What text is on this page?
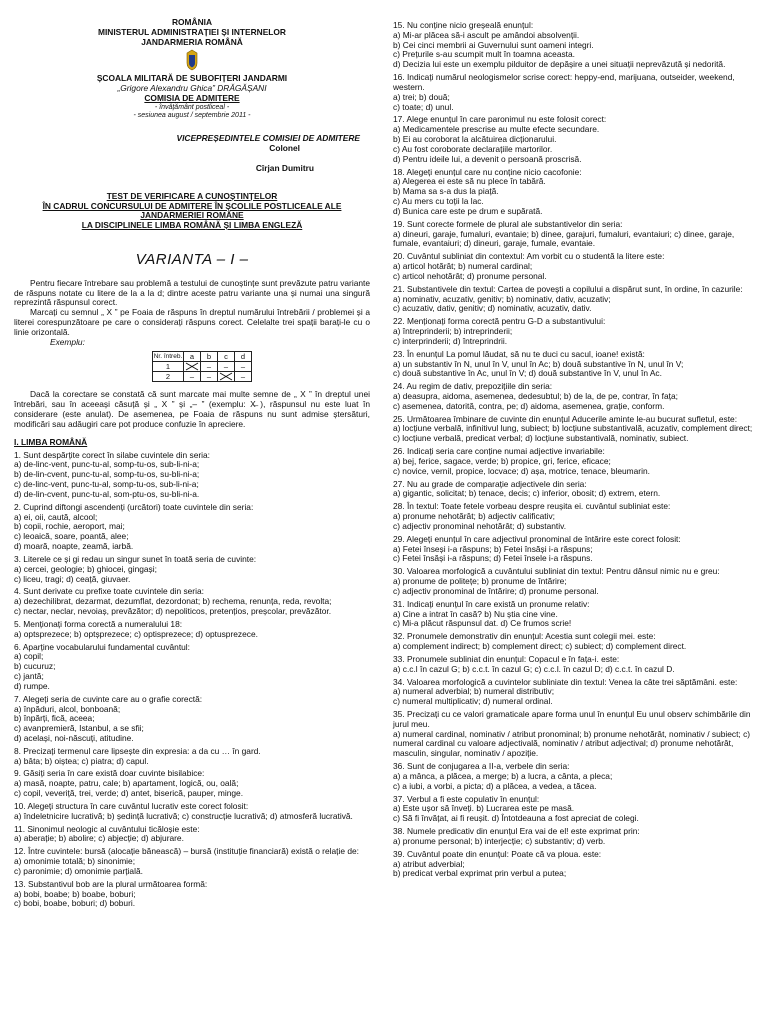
ROMÂNIA
MINISTERUL ADMINISTRAȚIEI ȘI INTERNELOR
JANDARMERIA ROMÂNĂ
ȘCOALA MILITARĂ DE SUBOFIȚERI JANDARMI
„Grigore Alexandru Ghica” DRĂGĂȘANI
COMISIA DE ADMITERE
- învățământ postliceal -
- sesiunea august / septembrie 2011 -
VICEPREȘEDINTELE COMISIEI DE ADMITERE
Colonel
Cîrjan Dumitru
TEST DE VERIFICARE A CUNOȘTINȚELOR
ÎN CADRUL CONCURSULUI DE ADMITERE ÎN ȘCOLILE POSTLICEALE ALE JANDARMERIEI ROMÂNE
LA DISCIPLINELE LIMBA ROMÂNĂ ȘI LIMBA ENGLEZĂ
VARIANTA – I –

Pentru fiecare întrebare sau problemă a testului de cunoștințe sunt prevăzute patru variante de răspuns notate cu litere de la a la d; dintre aceste patru variante una și numai una singură reprezintă răspunsul corect.

Marcați cu semnul „ X ” pe Foaia de răspuns în dreptul numărului întrebării / problemei și a literei corespunzătoare pe care o considerați răspuns corect. Celelalte trei spații barați-le cu o linie orizontală.

Exemplu:
Nr. întreb.	a	b	c	d
1		–	–	–
2	–	–		–

Dacă la corectare se constată că sunt marcate mai multe semne de „ X ” în dreptul unei întrebări, sau în aceeași căsuță și „ X ” și „– ” (exemplu: X̶ ), răspunsul nu este luat în considerare (este anulat). De asemenea, pe Foaia de răspuns nu sunt admise ștersături, modificări sau adăugiri care pot produce confuzie în apreciere.

I. LIMBA ROMÂNĂ
1. Sunt despărțite corect în silabe cuvintele din seria:
a) de-linc-vent, punc-tu-al, somp-tu-os, sub-li-ni-a;
b) de-lin-cvent, punc-tu-al, somp-tu-os, su-bli-ni-a;
c) de-linc-vent, punc-tu-al, somp-tu-os, sub-li-ni-a;
d) de-lin-cvent, punc-tu-al, som-ptu-os, su-bli-ni-a.
2. Cuprind diftongi ascendenți (urcători) toate cuvintele din seria:
a) ei, oii, caută, alcool;
b) copii, rochie, aeroport, mai;
c) leoaică, soare, poantă, alee;
d) moară, noapte, zeamă, iarbă.
3. Literele ce și gi redau un singur sunet în toată seria de cuvinte:
a) cercei, geologie; b) ghiocei, gingași;
c) liceu, tragi; d) ceață, giuvaer.
4. Sunt derivate cu prefixe toate cuvintele din seria:
a) dezechilibrat, dezarmat, dezumflat, dezordonat; b) rechema, renunța, reda, revolta;
c) nectar, neclar, nevoiaș, prevăzător; d) nepoliticos, pretențios, preșcolar, prevăzător.
5. Menționați forma corectă a numeralului 18:
a) optsprezece; b) optșprezece; c) optisprezece; d) optusprezece.
6. Aparține vocabularului fundamental cuvântul:
a) copil;
b) cucuruz;
c) jantă;
d) rumpe.
7. Alegeți seria de cuvinte care au o grafie corectă:
a) înpăduri, alcol, bonboană;
b) înpărți, fică, aceea;
c) avanpremieră, Istanbul, a se sfii;
d) același, noi-născuți, atitudine.
8. Precizați termenul care lipsește din expresia: a da cu … în gard.
a) bâta; b) oiștea; c) piatra; d) capul.
9. Găsiți seria în care există doar cuvinte bisilabice:
a) masă, noapte, patru, cale; b) apartament, logică, ou, oală;
c) copil, veveriță, trei, verde; d) antet, biserică, pauper, minge.
10. Alegeți structura în care cuvântul lucrativ este corect folosit:
a) îndeletnicire lucrativă; b) ședință lucrativă; c) construcție lucrativă; d) atmosferă lucrativă.
11. Sinonimul neologic al cuvântului ticăloșie este:
a) aberație; b) abolire; c) abjecție; d) abjurare.
12. Între cuvintele: bursă (alocație bănească) – bursă (instituție financiară) există o relație de:
a) omonimie totală; b) sinonimie;
c) paronimie; d) omonimie parțială.
13. Substantivul bob are la plural următoarea formă:
a) bobi, boabe; b) boabe, boburi;
c) bobi, boabe, boburi; d) boburi.
15. Nu conține nicio greșeală enunțul:
a) Mi-ar plăcea să-i ascult pe amândoi absolvenții.
b) Cei cinci membrii ai Guvernului sunt oameni integri.
c) Prețurile s-au scumpit mult în toamna aceasta.
d) Decizia lui este un exemplu pilduitor de depășire a unei situații neprevăzută și nedorită.
16. Indicați numărul neologismelor scrise corect: heppy-end, marijuana, outseider, weekend, western.
a) trei; b) două;
c) toate; d) unul.
17. Alege enunțul în care paronimul nu este folosit corect:
a) Medicamentele prescrise au multe efecte secundare.
b) Ei au coroborat la alcătuirea dicționarului.
c) Au fost coroborate declarațiile martorilor.
d) Pentru ideile lui, a devenit o persoană proscrisă.
18. Alegeți enunțul care nu conține nicio cacofonie:
a) Alegerea ei este să nu plece în tabără.
b) Mama sa s-a dus la piață.
c) Au mers cu toții la lac.
d) Bunica care este pe drum e supărată.
19. Sunt corecte formele de plural ale substantivelor din seria:
a) dineuri, garaje, fumaluri, evantaie; b) dinee, garajuri, fumaluri, evantaiuri; c) dinee, garaje, fumale, evantaiuri; d) dineuri, garaje, fumale, evantaie.
20. Cuvântul subliniat din contextul: Am vorbit cu o studentă la litere este:
a) articol hotărât; b) numeral cardinal;
c) articol nehotărât; d) pronume personal.
21. Substantivele din textul: Cartea de povești a copilului a dispărut sunt, în ordine, în cazurile:
a) nominativ, acuzativ, genitiv; b) nominativ, dativ, acuzativ;
c) acuzativ, dativ, genitiv; d) nominativ, acuzativ, dativ.
22. Menționați forma corectă pentru G-D a substantivului:
a) întreprinderii; b) intreprinderii;
c) interprinderii; d) întreprindrii.
23. În enunțul La pomul lăudat, să nu te duci cu sacul, ioane! există:
a) un substantiv în N, unul în V, unul în Ac; b) două substantive în N, unul în V;
c) două substantive în Ac, unul în V; d) două substantive în V, unul în Ac.
24. Au regim de dativ, prepozițiile din seria:
a) deasupra, aidoma, asemenea, dedesubtul; b) de la, de pe, contrar, în fața;
c) asemenea, datorită, contra, pe; d) aidoma, asemenea, grație, conform.
25. Următoarea îmbinare de cuvinte din enunțul Aducerile aminte le-au bucurat sufletul, este:
a) locțiune verbală, infinitivul lung, subiect; b) locțiune substantivală, acuzativ, complement direct; c) locțiune verbală, predicat verbal; d) locțiune substantivală, nominativ, subiect.
26. Indicați seria care conține numai adjective invariabile:
a) bej, ferice, sagace, verde; b) propice, gri, ferice, eficace;
c) novice, vernil, propice, locvace; d) așa, motrice, tenace, bleumarin.
27. Nu au grade de comparație adjectivele din seria:
a) gigantic, solicitat; b) tenace, decis; c) inferior, obosit; d) extrem, etern.
28. În textul: Toate fetele vorbeau despre reușita ei. cuvântul subliniat este:
a) pronume nehotărât; b) adjectiv calificativ;
c) adjectiv pronominal nehotărât; d) substantiv.
29. Alegeți enunțul în care adjectivul pronominal de întărire este corect folosit:
a) Fetei înseși i-a răspuns; b) Fetei însăși i-a răspuns;
c) Fetei însăși i-a răspuns; d) Fetei însele i-a răspuns.
30. Valoarea morfologică a cuvântului subliniat din textul: Pentru dânsul nimic nu e greu:
a) pronume de politețe; b) pronume de întărire;
c) adjectiv pronominal de întărire; d) pronume personal.
31. Indicați enunțul în care există un pronume relativ:
a) Cine a intrat în casă? b) Nu știa cine vine.
c) Mi-a plăcut răspunsul dat. d) Ce frumos scrie!
32. Pronumele demonstrativ din enunțul: Acestia sunt colegii mei. este:
a) complement indirect; b) complement direct; c) subiect; d) complement direct.
33. Pronumele subliniat din enunțul: Copacul e în fața-i. este:
a) c.c.l în cazul G; b) c.c.t. în cazul G; c) c.c.l. în cazul D; d) c.c.t. în cazul D.
34. Valoarea morfologică a cuvintelor subliniate din textul: Venea la câte trei săptămâni. este:
a) numeral adverbial; b) numeral distributiv;
c) numeral multiplicativ; d) numeral ordinal.
35. Precizați cu ce valori gramaticale apare forma unul în enunțul Eu unul observ schimbările din jurul meu.
a) numeral cardinal, nominativ / atribut pronominal; b) pronume nehotărât, nominativ / subiect; c) numeral cardinal cu valoare adjectivală, nominativ / atribut adjectival; d) pronume nehotărât, masculin, singular, nominativ / apoziție.
36. Sunt de conjugarea a II-a, verbele din seria:
a) a mânca, a plăcea, a merge; b) a lucra, a cânta, a pleca;
c) a iubi, a vorbi, a picta; d) a plăcea, a vedea, a tăcea.
37. Verbul a fi este copulativ în enunțul:
a) Este ușor să înveți. b) Lucrarea este pe masă.
c) Să fi învățat, ai fi reușit. d) Întotdeauna a fost apreciat de colegi.
38. Numele predicativ din enunțul Era vai de el! este exprimat prin:
a) pronume personal; b) interjecție; c) substantiv; d) verb.
39. Cuvântul poate din enunțul: Poate că va ploua. este:
a) atribut adverbial;
b) predicat verbal exprimat prin verbul a putea;
